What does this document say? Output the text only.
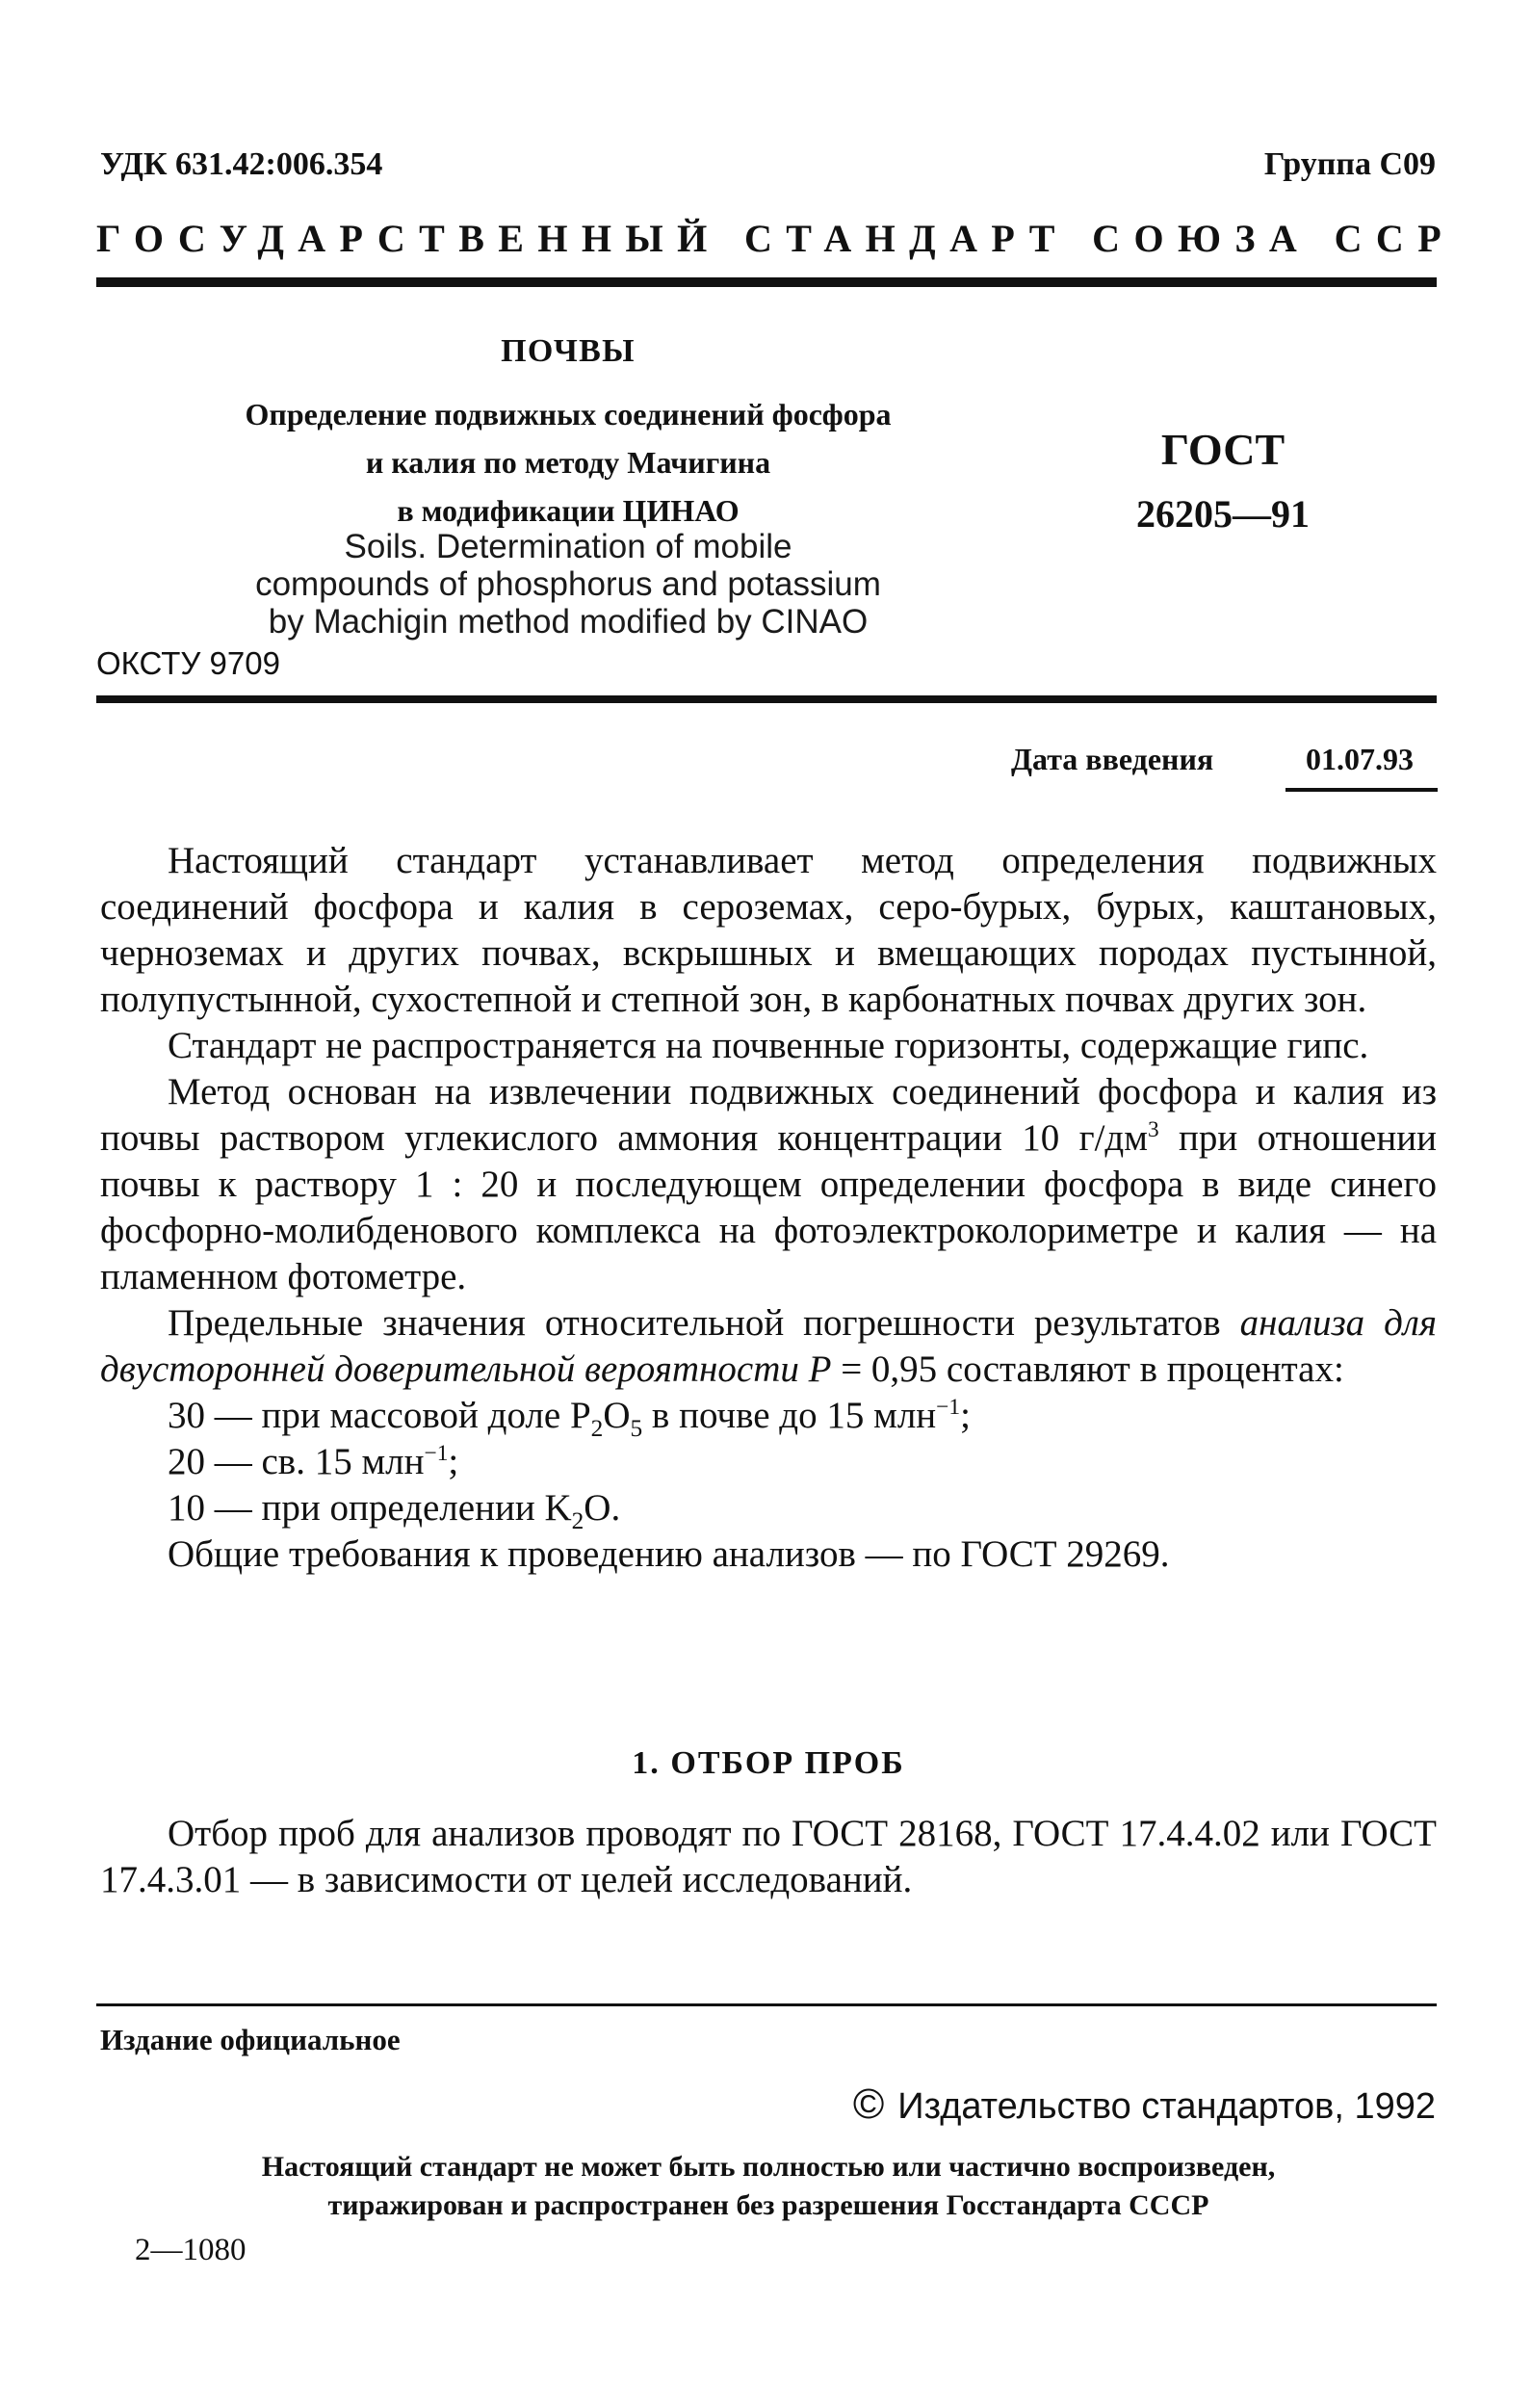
УДК 631.42:006.354	Группа С09
ГОСУДАРСТВЕННЫЙ СТАНДАРТ СОЮЗА ССР
ПОЧВЫ
Определение подвижных соединений фосфора
и калия по методу Мачигина
в модификации ЦИНАО
Soils. Determination of mobile
compounds of phosphorus and potassium
by Machigin method modified by CINAO
ГОСТ
26205—91
ОКСТУ 9709
Дата введения	01.07.93

Настоящий стандарт устанавливает метод определения подвижных соединений фосфора и калия в сероземах, серо-бурых, бурых, каштановых, черноземах и других почвах, вскрышных и вмещающих породах пустынной, полупустынной, сухостепной и степной зон, в карбонатных почвах других зон.

Стандарт не распространяется на почвенные горизонты, содержащие гипс.

Метод основан на извлечении подвижных соединений фосфора и калия из почвы раствором углекислого аммония концентрации 10 $г/дм^3$ при отношении почвы к раствору 1 : 20 и последующем определении фосфора в виде синего фосфорно-молибденового комплекса на фотоэлектроколориметре и калия — на пламенном фотометре.

Предельные значения относительной погрешности результатов анализа для двусторонней доверительной вероятности P = 0,95 составляют в процентах:

30 — при массовой доле $P_2O_5$ в почве до 15 млн$^{-1}$;

20 — св. 15 млн$^{-1}$;

10 — при определении $K_2O$.

Общие требования к проведению анализов — по ГОСТ 29269.

1. ОТБОР ПРОБ

Отбор проб для анализов проводят по ГОСТ 28168, ГОСТ 17.4.4.02 или ГОСТ 17.4.3.01 — в зависимости от целей исследований.

Издание официальное
© Издательство стандартов, 1992
Настоящий стандарт не может быть полностью или частично воспроизведен,
тиражирован и распространен без разрешения Госстандарта СССР
2—1080
